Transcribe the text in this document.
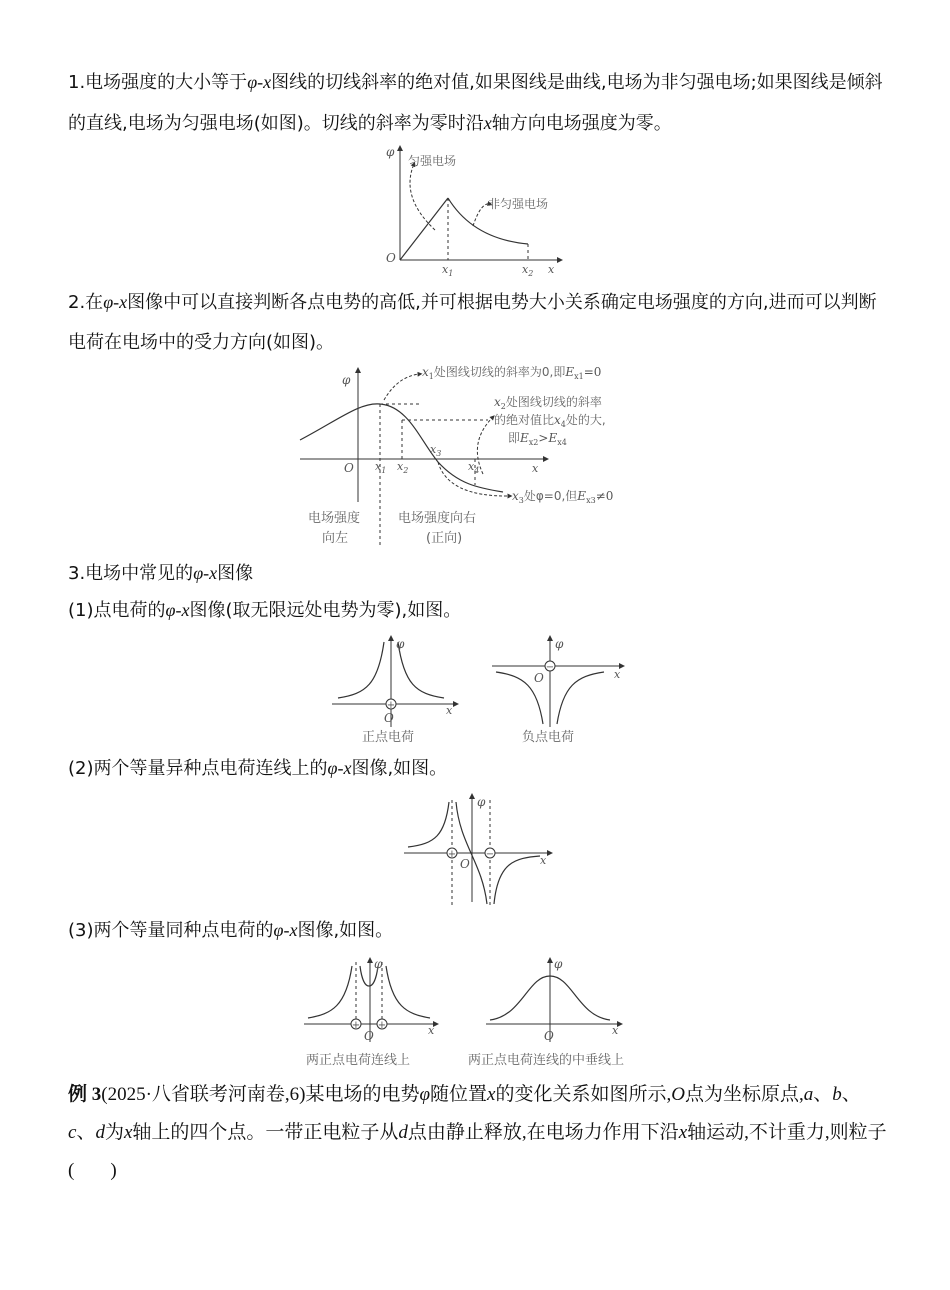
1.电场强度的大小等于φ-x图线的切线斜率的绝对值,如果图线是曲线,电场为非匀强电场;如果图线是倾斜的直线,电场为匀强电场(如图)。切线的斜率为零时沿x轴方向电场强度为零。

φ
O
$x_1$	$x_2$ x
匀强电场
非匀强电场

2.在φ-x图像中可以直接判断各点电势的高低,并可根据电势大小关系确定电场强度的方向,进而可以判断电荷在电场中的受力方向(如图)。

φ
O	x
$x_1$ $x_2$
$x_3$
$x_4$
$x_1$处图线切线的斜率为0,即$E_{x1}=0$
$x_2$处图线切线的斜率
的绝对值比$x_4$处的大,
即$E_{x2}>E_{x4}$
$x_3$处φ=0,但$E_{x3}\ne 0$
电场强度
向左
电场强度向右
(正向)

3.电场中常见的φ-x图像

(1)点电荷的φ-x图像(取无限远处电势为零),如图。

+
φ
O
x
正点电荷
−
φ
O	x
负点电荷

(2)两个等量异种点电荷连线上的φ-x图像,如图。

+	−
φ
O	x

(3)两个等量同种点电荷的φ-x图像,如图。

+ +
φ
O	x
两正点电荷连线上
φ
O	x
两正点电荷连线的中垂线上

例 3(2025·八省联考河南卷,6)某电场的电势φ随位置x的变化关系如图所示,O点为坐标原点,a、b、c、d为x轴上的四个点。一带正电粒子从d点由静止释放,在电场力作用下沿x轴运动,不计重力,则粒子( )
